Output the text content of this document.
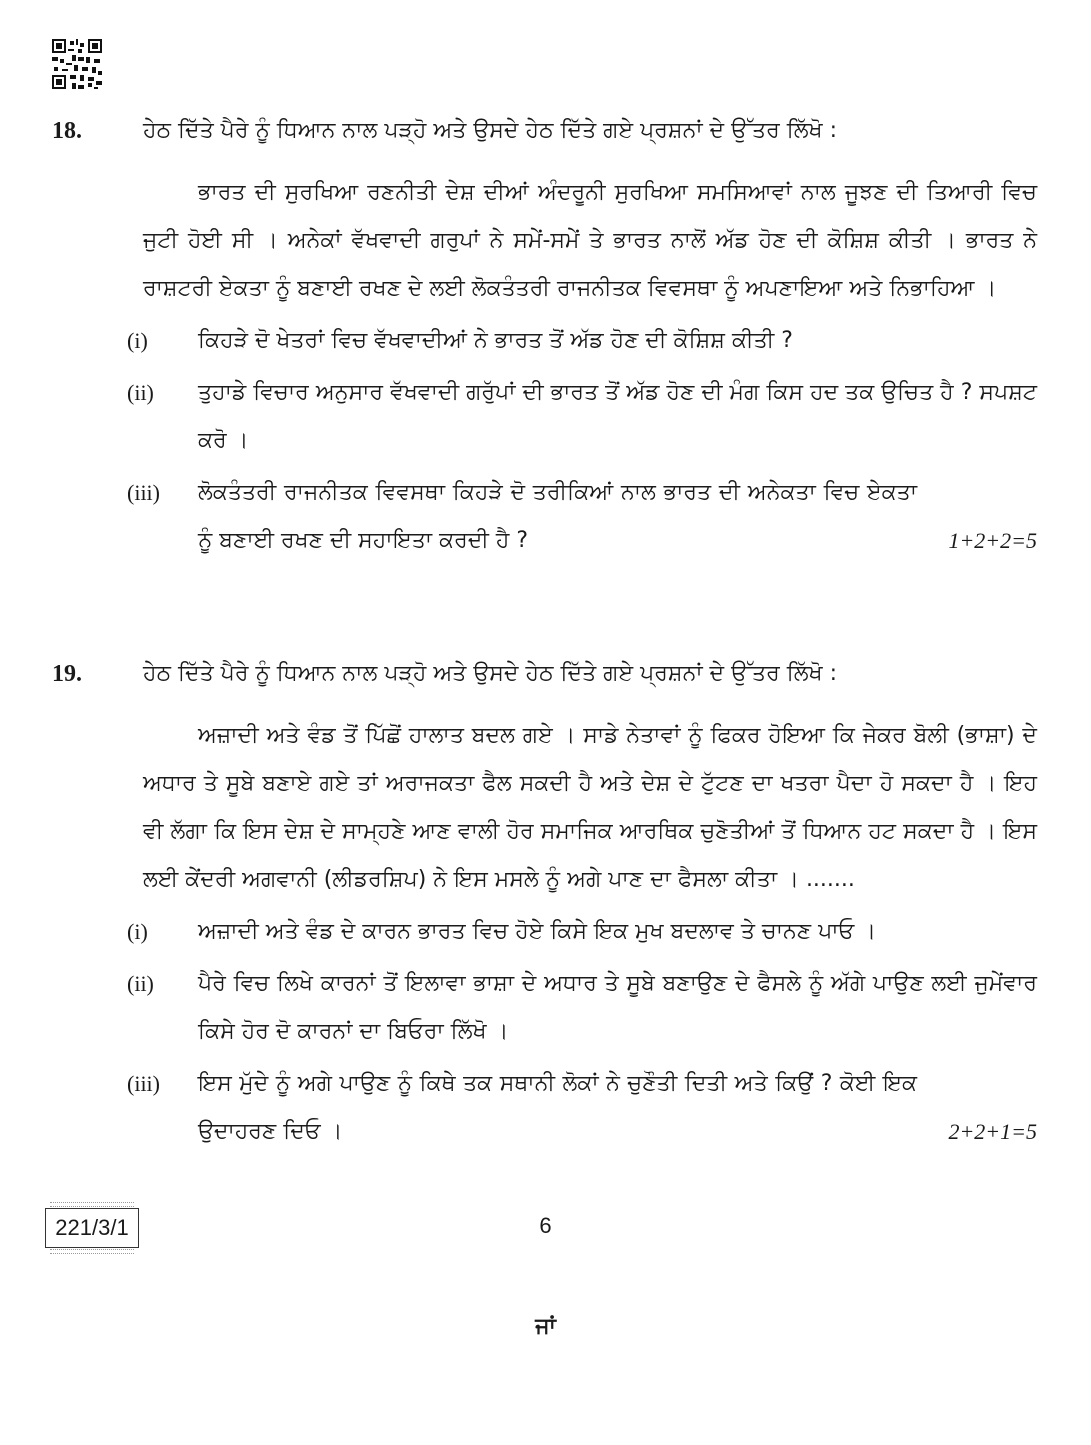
18.	ਹੇਠ ਦਿੱਤੇ ਪੈਰੇ ਨੂੰ ਧਿਆਨ ਨਾਲ ਪੜ੍ਹੋ ਅਤੇ ਉਸਦੇ ਹੇਠ ਦਿੱਤੇ ਗਏ ਪ੍ਰਸ਼ਨਾਂ ਦੇ ਉੱਤਰ ਲਿੱਖੋ :
ਭਾਰਤ ਦੀ ਸੁਰਖਿਆ ਰਣਨੀਤੀ ਦੇਸ਼ ਦੀਆਂ ਅੰਦਰੂਨੀ ਸੁਰਖਿਆ ਸਮਸਿਆਵਾਂ ਨਾਲ ਜੂਝਣ ਦੀ ਤਿਆਰੀ ਵਿਚ ਜੁਟੀ ਹੋਈ ਸੀ । ਅਨੇਕਾਂ ਵੱਖਵਾਦੀ ਗਰੁਪਾਂ ਨੇ ਸਮੇਂ-ਸਮੇਂ ਤੇ ਭਾਰਤ ਨਾਲੋਂ ਅੱਡ ਹੋਣ ਦੀ ਕੋਸ਼ਿਸ਼ ਕੀਤੀ । ਭਾਰਤ ਨੇ ਰਾਸ਼ਟਰੀ ਏਕਤਾ ਨੂੰ ਬਣਾਈ ਰਖਣ ਦੇ ਲਈ ਲੋਕਤੰਤਰੀ ਰਾਜਨੀਤਕ ਵਿਵਸਥਾ ਨੂੰ ਅਪਣਾਇਆ ਅਤੇ ਨਿਭਾਹਿਆ ।
(i) ਕਿਹੜੇ ਦੋ ਖੇਤਰਾਂ ਵਿਚ ਵੱਖਵਾਦੀਆਂ ਨੇ ਭਾਰਤ ਤੋਂ ਅੱਡ ਹੋਣ ਦੀ ਕੋਸ਼ਿਸ਼ ਕੀਤੀ ?
(ii) ਤੁਹਾਡੇ ਵਿਚਾਰ ਅਨੁਸਾਰ ਵੱਖਵਾਦੀ ਗਰੁੱਪਾਂ ਦੀ ਭਾਰਤ ਤੋਂ ਅੱਡ ਹੋਣ ਦੀ ਮੰਗ ਕਿਸ ਹਦ ਤਕ ਉਚਿਤ ਹੈ ? ਸਪਸ਼ਟ ਕਰੋ ।
(iii) ਲੋਕਤੰਤਰੀ ਰਾਜਨੀਤਕ ਵਿਵਸਥਾ ਕਿਹੜੇ ਦੋ ਤਰੀਕਿਆਂ ਨਾਲ ਭਾਰਤ ਦੀ ਅਨੇਕਤਾ ਵਿਚ ਏਕਤਾ ਨੂੰ ਬਣਾਈ ਰਖਣ ਦੀ ਸਹਾਇਤਾ ਕਰਦੀ ਹੈ ?	1+2+2=5
19.	ਹੇਠ ਦਿੱਤੇ ਪੈਰੇ ਨੂੰ ਧਿਆਨ ਨਾਲ ਪੜ੍ਹੋ ਅਤੇ ਉਸਦੇ ਹੇਠ ਦਿੱਤੇ ਗਏ ਪ੍ਰਸ਼ਨਾਂ ਦੇ ਉੱਤਰ ਲਿੱਖੋ :
ਅਜ਼ਾਦੀ ਅਤੇ ਵੰਡ ਤੋਂ ਪਿੱਛੋਂ ਹਾਲਾਤ ਬਦਲ ਗਏ । ਸਾਡੇ ਨੇਤਾਵਾਂ ਨੂੰ ਫਿਕਰ ਹੋਇਆ ਕਿ ਜੇਕਰ ਬੋਲੀ (ਭਾਸ਼ਾ) ਦੇ ਅਧਾਰ ਤੇ ਸੂਬੇ ਬਣਾਏ ਗਏ ਤਾਂ ਅਰਾਜਕਤਾ ਫੈਲ ਸਕਦੀ ਹੈ ਅਤੇ ਦੇਸ਼ ਦੇ ਟੁੱਟਣ ਦਾ ਖਤਰਾ ਪੈਦਾ ਹੋ ਸਕਦਾ ਹੈ । ਇਹ ਵੀ ਲੱਗਾ ਕਿ ਇਸ ਦੇਸ਼ ਦੇ ਸਾਮ੍ਹਣੇ ਆਣ ਵਾਲੀ ਹੋਰ ਸਮਾਜਿਕ ਆਰਥਿਕ ਚੁਣੋਤੀਆਂ ਤੋਂ ਧਿਆਨ ਹਟ ਸਕਦਾ ਹੈ । ਇਸ ਲਈ ਕੇਂਦਰੀ ਅਗਵਾਨੀ (ਲੀਡਰਸ਼ਿਪ) ਨੇ ਇਸ ਮਸਲੇ ਨੂੰ ਅਗੇ ਪਾਣ ਦਾ ਫੈਸਲਾ ਕੀਤਾ । .......
(i) ਅਜ਼ਾਦੀ ਅਤੇ ਵੰਡ ਦੇ ਕਾਰਨ ਭਾਰਤ ਵਿਚ ਹੋਏ ਕਿਸੇ ਇਕ ਮੁਖ ਬਦਲਾਵ ਤੇ ਚਾਨਣ ਪਾਓ ।
(ii) ਪੈਰੇ ਵਿਚ ਲਿਖੇ ਕਾਰਨਾਂ ਤੋਂ ਇਲਾਵਾ ਭਾਸ਼ਾ ਦੇ ਅਧਾਰ ਤੇ ਸੂਬੇ ਬਣਾਉਣ ਦੇ ਫੈਸਲੇ ਨੂੰ ਅੱਗੇ ਪਾਉਣ ਲਈ ਜੁਮੇਂਵਾਰ ਕਿਸੇ ਹੋਰ ਦੋ ਕਾਰਨਾਂ ਦਾ ਬਿਓਰਾ ਲਿੱਖੋ ।
(iii) ਇਸ ਮੁੱਦੇ ਨੂੰ ਅਗੇ ਪਾਉਣ ਨੂੰ ਕਿਥੇ ਤਕ ਸਥਾਨੀ ਲੋਕਾਂ ਨੇ ਚੁਣੌਤੀ ਦਿਤੀ ਅਤੇ ਕਿਉਂ ? ਕੋਈ ਇਕ ਉਦਾਹਰਣ ਦਿਓ ।	2+2+1=5
ਜਾਂ
221/3/1	6
